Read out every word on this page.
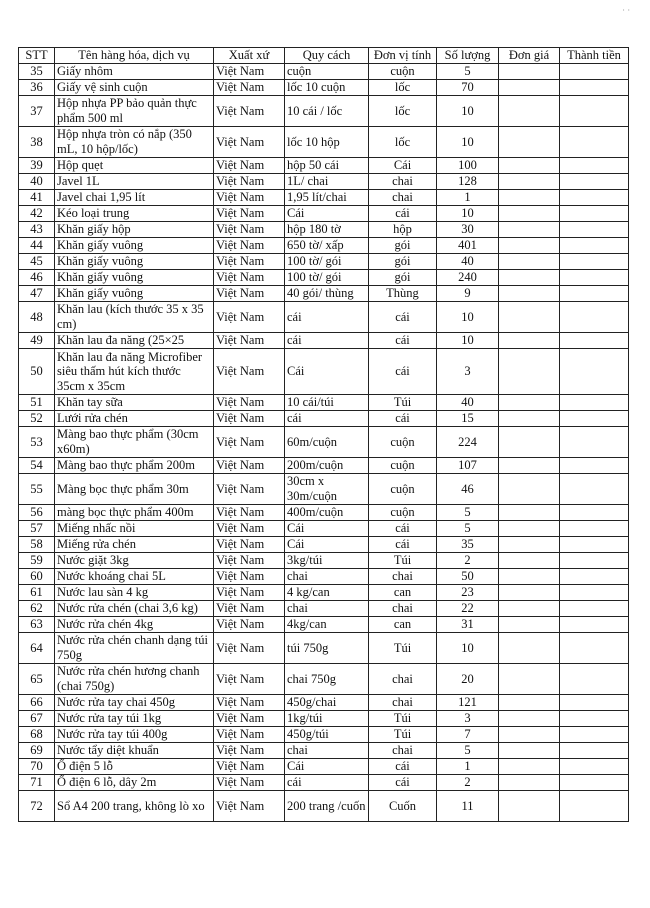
· ·
STT	Tên hàng hóa, dịch vụ	Xuất xứ	Quy cách	Đơn vị tính	Số lượng	Đơn giá	Thành tiền
35	Giấy nhôm	Việt Nam	cuộn	cuộn	5		
36	Giấy vệ sinh cuộn	Việt Nam	lốc 10 cuộn	lốc	70		
37	Hộp nhựa PP bảo quản thực phẩm 500 ml	Việt Nam	10 cái / lốc	lốc	10		
38	Hộp nhựa tròn có nắp (350 mL, 10 hộp/lốc)	Việt Nam	lốc 10 hộp	lốc	10		
39	Hộp quẹt	Việt Nam	hộp 50 cái	Cái	100		
40	Javel 1L	Việt Nam	1L/ chai	chai	128		
41	Javel chai 1,95 lít	Việt Nam	1,95 lít/chai	chai	1		
42	Kéo loại trung	Việt Nam	Cái	cái	10		
43	Khăn giấy hộp	Việt Nam	hộp 180 tờ	hộp	30		
44	Khăn giấy vuông	Việt Nam	650 tờ/ xấp	gói	401		
45	Khăn giấy vuông	Việt Nam	100 tờ/ gói	gói	40		
46	Khăn giấy vuông	Việt Nam	100 tờ/ gói	gói	240		
47	Khăn giấy vuông	Việt Nam	40 gói/ thùng	Thùng	9		
48	Khăn lau (kích thước 35 x 35 cm)	Việt Nam	cái	cái	10		
49	Khăn lau đa năng (25×25	Việt Nam	cái	cái	10		
50	Khăn lau đa năng Microfiber siêu thấm hút kích thước 35cm x 35cm	Việt Nam	Cái	cái	3		
51	Khăn tay sữa	Việt Nam	10 cái/túi	Túi	40		
52	Lưới rửa chén	Việt Nam	cái	cái	15		
53	Màng bao thực phẩm (30cm x60m)	Việt Nam	60m/cuộn	cuộn	224		
54	Màng bao thực phẩm 200m	Việt Nam	200m/cuộn	cuộn	107		
55	Màng bọc thực phẩm 30m	Việt Nam	30cm x 30m/cuộn	cuộn	46		
56	màng bọc thực phẩm 400m	Việt Nam	400m/cuộn	cuộn	5		
57	Miếng nhấc nồi	Việt Nam	Cái	cái	5		
58	Miếng rửa chén	Việt Nam	Cái	cái	35		
59	Nước giặt 3kg	Việt Nam	3kg/túi	Túi	2		
60	Nước khoáng chai 5L	Việt Nam	chai	chai	50		
61	Nước lau sàn 4 kg	Việt Nam	4 kg/can	can	23		
62	Nước rửa chén (chai 3,6 kg)	Việt Nam	chai	chai	22		
63	Nước rửa chén 4kg	Việt Nam	4kg/can	can	31		
64	Nước rửa chén chanh dạng túi 750g	Việt Nam	túi 750g	Túi	10		
65	Nước rửa chén hương chanh (chai 750g)	Việt Nam	chai 750g	chai	20		
66	Nước rửa tay chai 450g	Việt Nam	450g/chai	chai	121		
67	Nước rửa tay túi 1kg	Việt Nam	1kg/túi	Túi	3		
68	Nước rửa tay túi 400g	Việt Nam	450g/túi	Túi	7		
69	Nước tẩy diệt khuẩn	Việt Nam	chai	chai	5		
70	Ổ điện 5 lỗ	Việt Nam	Cái	cái	1		
71	Ổ điện 6 lỗ, dây 2m	Việt Nam	cái	cái	2		
72	Sổ A4 200 trang, không lò xo	Việt Nam	200 trang /cuốn	Cuốn	11		
